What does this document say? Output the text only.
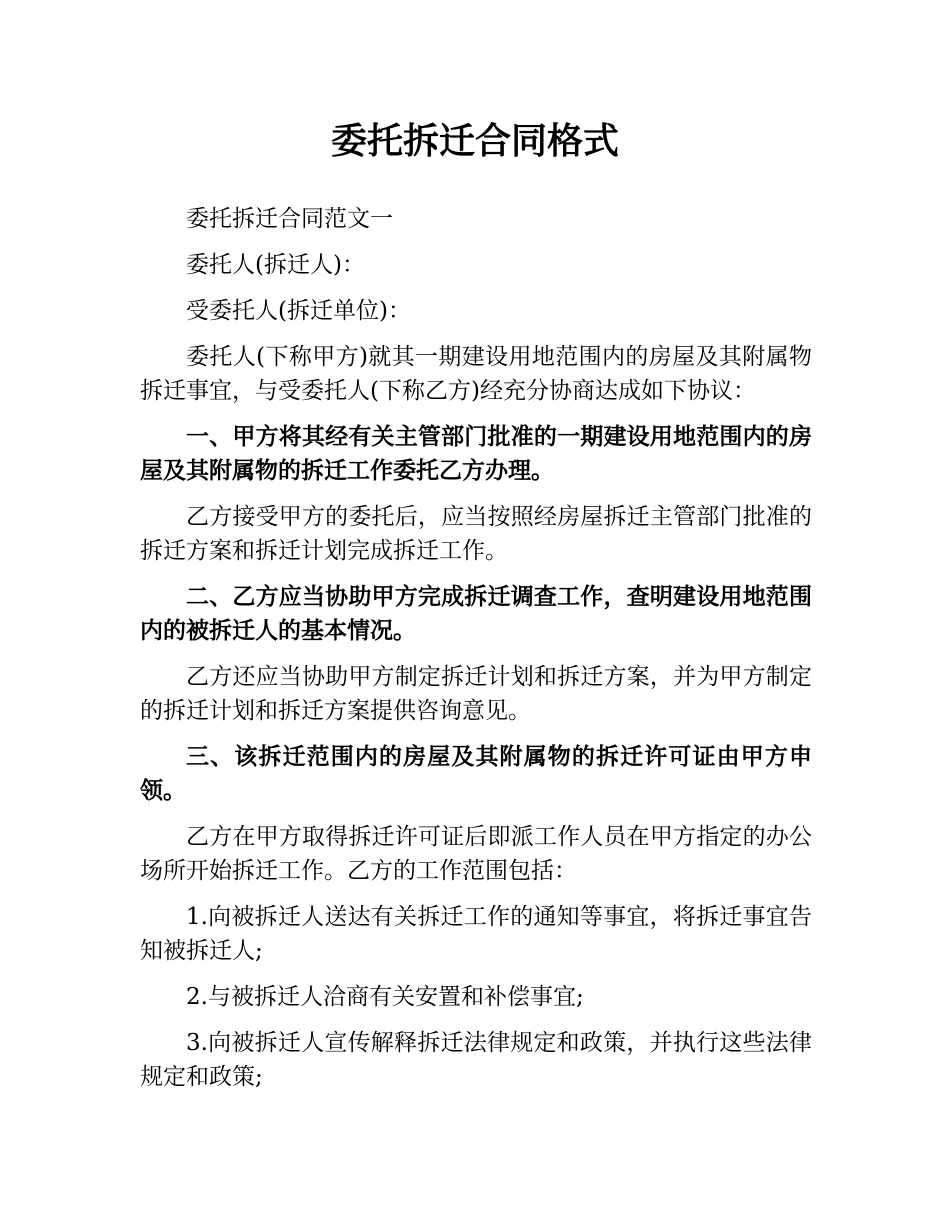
委托拆迁合同格式

委托拆迁合同范文一

委托人(拆迁人)：

受委托人(拆迁单位)：

委托人(下称甲方)就其一期建设用地范围内的房屋及其附属物拆迁事宜，与受委托人(下称乙方)经充分协商达成如下协议：

一、甲方将其经有关主管部门批准的一期建设用地范围内的房屋及其附属物的拆迁工作委托乙方办理。

乙方接受甲方的委托后，应当按照经房屋拆迁主管部门批准的拆迁方案和拆迁计划完成拆迁工作。

二、乙方应当协助甲方完成拆迁调查工作，查明建设用地范围内的被拆迁人的基本情况。

乙方还应当协助甲方制定拆迁计划和拆迁方案，并为甲方制定的拆迁计划和拆迁方案提供咨询意见。

三、该拆迁范围内的房屋及其附属物的拆迁许可证由甲方申领。

乙方在甲方取得拆迁许可证后即派工作人员在甲方指定的办公场所开始拆迁工作。乙方的工作范围包括：

1.向被拆迁人送达有关拆迁工作的通知等事宜，将拆迁事宜告知被拆迁人;

2.与被拆迁人洽商有关安置和补偿事宜;

3.向被拆迁人宣传解释拆迁法律规定和政策，并执行这些法律规定和政策;
